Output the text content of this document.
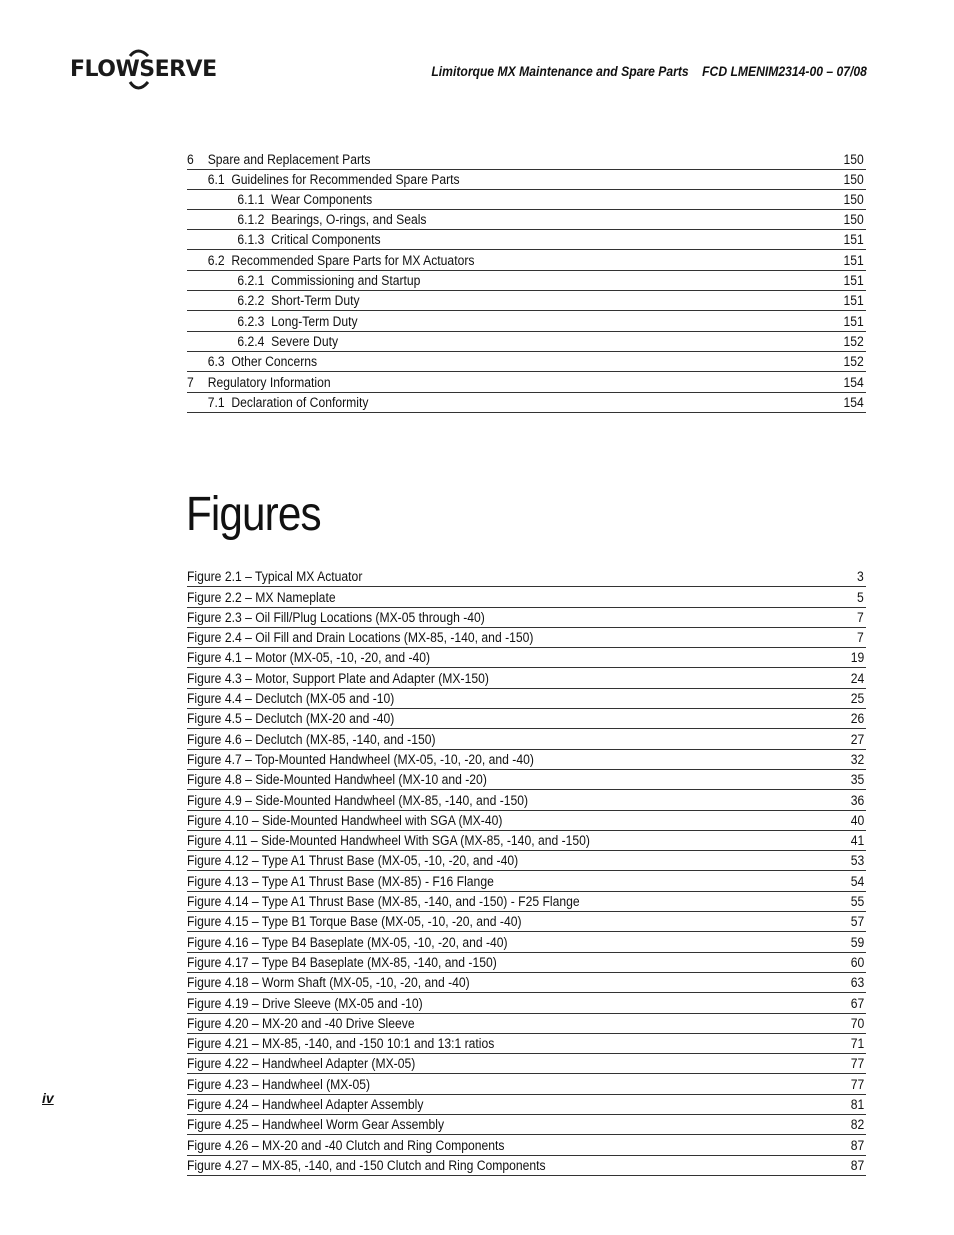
FLOWSERVE	Limitorque MX Maintenance and Spare Parts    FCD LMENIM2314-00 – 07/08
6 Spare and Replacement Parts	150
6.1  Guidelines for Recommended Spare Parts	150
6.1.1  Wear Components	150
6.1.2  Bearings, O-rings, and Seals	150
6.1.3  Critical Components	151
6.2  Recommended Spare Parts for MX Actuators	151
6.2.1  Commissioning and Startup	151
6.2.2  Short-Term Duty	151
6.2.3  Long-Term Duty	151
6.2.4  Severe Duty	152
6.3  Other Concerns	152
7 Regulatory Information	154
7.1  Declaration of Conformity	154
Figures
Figure 2.1 – Typical MX Actuator	3
Figure 2.2 – MX Nameplate	5
Figure 2.3 – Oil Fill/Plug Locations (MX-05 through -40)	7
Figure 2.4 – Oil Fill and Drain Locations (MX-85, -140, and -150)	7
Figure 4.1 – Motor (MX-05, -10, -20, and -40)	19
Figure 4.3 – Motor, Support Plate and Adapter (MX-150)	24
Figure 4.4 – Declutch (MX-05 and -10)	25
Figure 4.5 – Declutch (MX-20 and -40)	26
Figure 4.6 – Declutch (MX-85, -140, and -150)	27
Figure 4.7 – Top-Mounted Handwheel (MX-05, -10, -20, and -40)	32
Figure 4.8 – Side-Mounted Handwheel (MX-10 and -20)	35
Figure 4.9 – Side-Mounted Handwheel (MX-85, -140, and -150)	36
Figure 4.10 – Side-Mounted Handwheel with SGA (MX-40)	40
Figure 4.11 – Side-Mounted Handwheel With SGA (MX-85, -140, and -150)	41
Figure 4.12 – Type A1 Thrust Base (MX-05, -10, -20, and -40)	53
Figure 4.13 – Type A1 Thrust Base (MX-85) - F16 Flange	54
Figure 4.14 – Type A1 Thrust Base (MX-85, -140, and -150) - F25 Flange	55
Figure 4.15 – Type B1 Torque Base (MX-05, -10, -20, and -40)	57
Figure 4.16 – Type B4 Baseplate (MX-05, -10, -20, and -40)	59
Figure 4.17 – Type B4 Baseplate (MX-85, -140, and -150)	60
Figure 4.18 – Worm Shaft (MX-05, -10, -20, and -40)	63
Figure 4.19 – Drive Sleeve (MX-05 and -10)	67
Figure 4.20 – MX-20 and -40 Drive Sleeve	70
Figure 4.21 – MX-85, -140, and -150 10:1 and 13:1 ratios	71
Figure 4.22 – Handwheel Adapter (MX-05)	77
Figure 4.23 – Handwheel (MX-05)	77
Figure 4.24 – Handwheel Adapter Assembly	81
Figure 4.25 – Handwheel Worm Gear Assembly	82
Figure 4.26 – MX-20 and -40 Clutch and Ring Components	87
Figure 4.27 – MX-85, -140, and -150 Clutch and Ring Components	87
iv
